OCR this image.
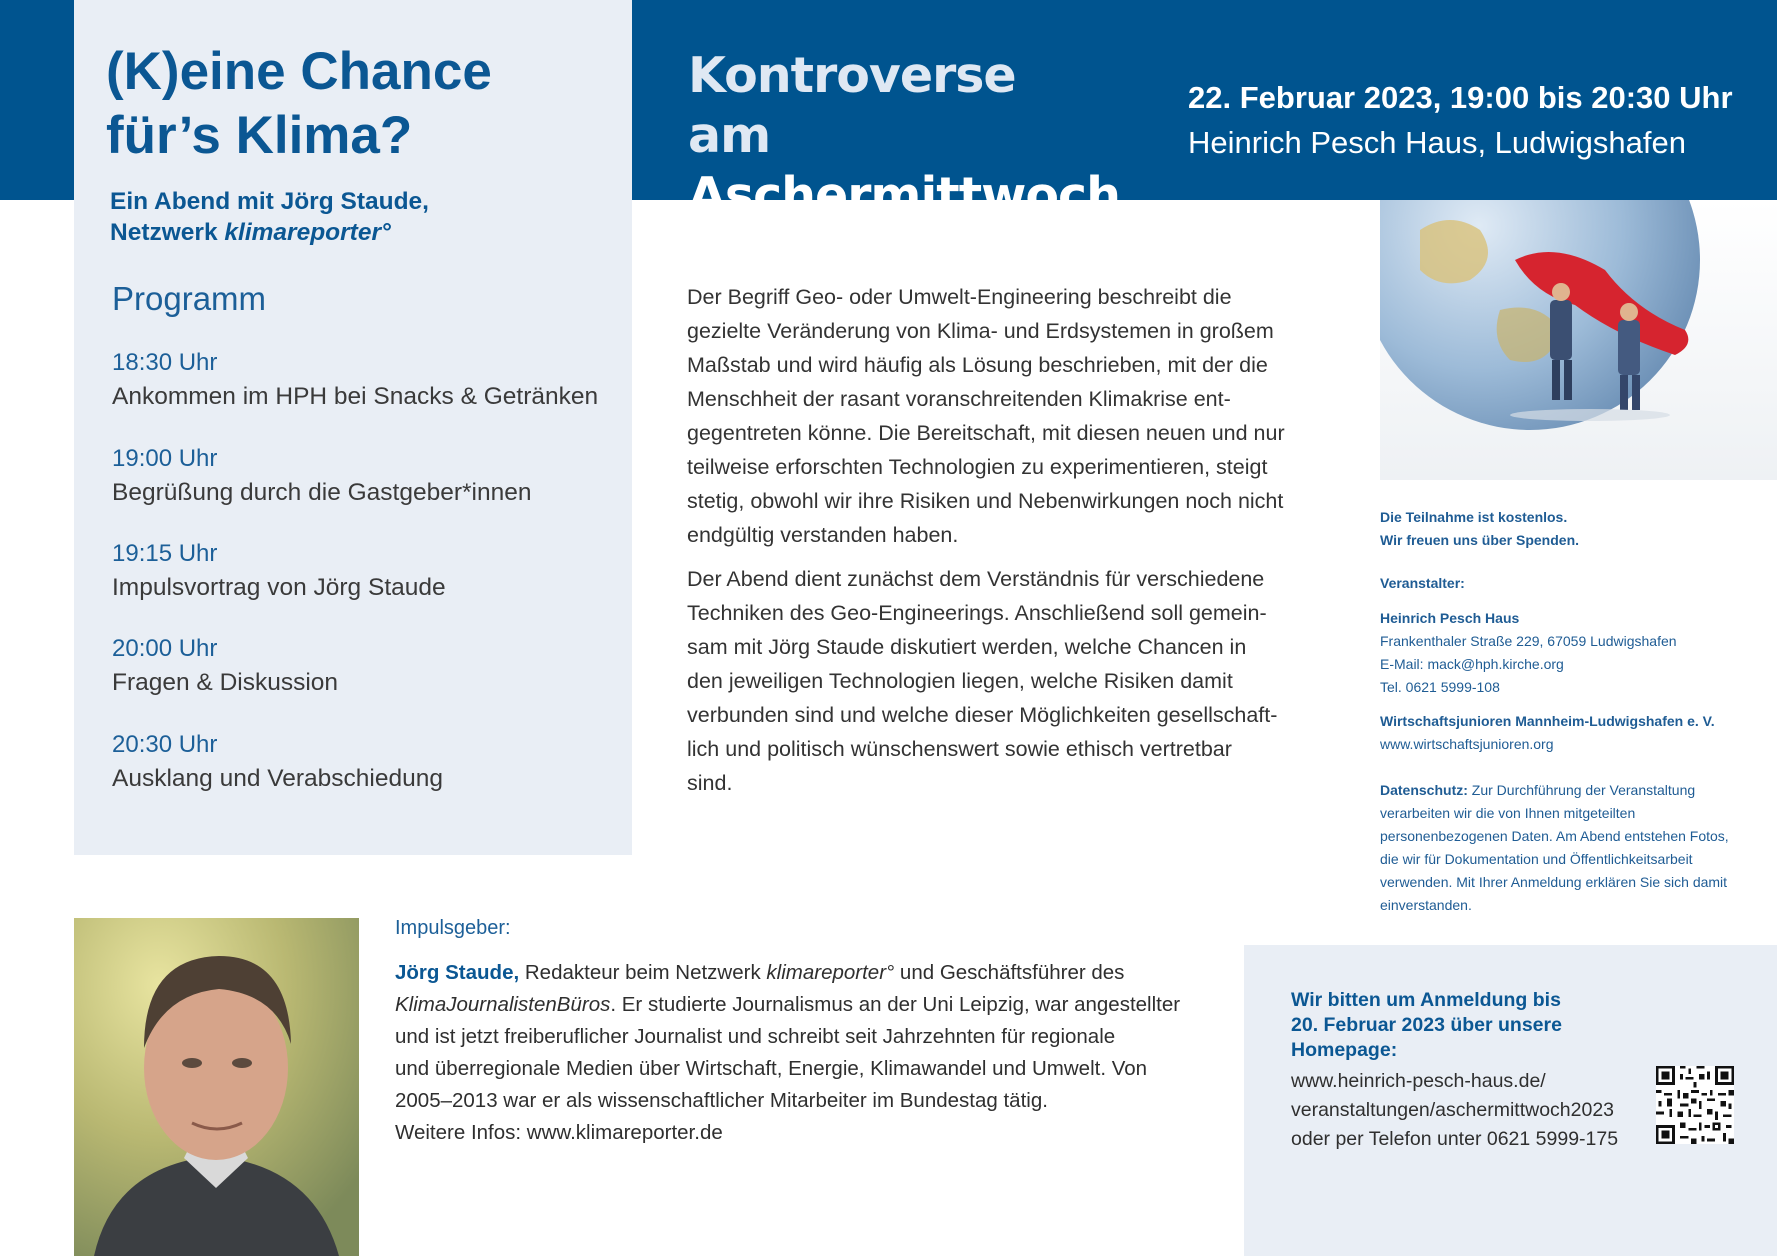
(K)eine Chance
für’s Klima?
Ein Abend mit Jörg Staude,
Netzwerk klimareporter°
Programm
18:30 Uhr
Ankommen im HPH bei Snacks & Getränken
19:00 Uhr
Begrüßung durch die Gastgeber*innen
19:15 Uhr
Impulsvortrag von Jörg Staude
20:00 Uhr
Fragen & Diskussion
20:30 Uhr
Ausklang und Verabschiedung
Kontroverse am
Aschermittwoch
22. Februar 2023, 19:00 bis 20:30 Uhr
Heinrich Pesch Haus, Ludwigshafen
Der Begriff Geo- oder Umwelt-Engineering beschreibt die
gezielte Veränderung von Klima- und Erdsystemen in großem
Maßstab und wird häufig als Lösung beschrieben, mit der die
Menschheit der rasant voranschreitenden Klimakrise ent-
gegentreten könne. Die Bereitschaft, mit diesen neuen und nur
teilweise erforschten Technologien zu experimentieren, steigt
stetig, obwohl wir ihre Risiken und Nebenwirkungen noch nicht
endgültig verstanden haben.
Der Abend dient zunächst dem Verständnis für verschiedene
Techniken des Geo-Engineerings. Anschließend soll gemein-
sam mit Jörg Staude diskutiert werden, welche Chancen in
den jeweiligen Technologien liegen, welche Risiken damit
verbunden sind und welche dieser Möglichkeiten gesellschaft-
lich und politisch wünschenswert sowie ethisch vertretbar
sind.
Die Teilnahme ist kostenlos.
Wir freuen uns über Spenden.
Veranstalter:
Heinrich Pesch Haus
Frankenthaler Straße 229, 67059 Ludwigshafen
E-Mail: mack@hph.kirche.org
Tel. 0621 5999-108
Wirtschaftsjunioren Mannheim-Ludwigshafen e. V.
www.wirtschaftsjunioren.org
Datenschutz: Zur Durchführung der Veranstaltung
verarbeiten wir die von Ihnen mitgeteilten
personenbezogenen Daten. Am Abend entstehen Fotos,
die wir für Dokumentation und Öffentlichkeitsarbeit
verwenden. Mit Ihrer Anmeldung erklären Sie sich damit
einverstanden.
Impulsgeber:
Jörg Staude, Redakteur beim Netzwerk klimareporter° und Geschäftsführer des
KlimaJournalistenBüros. Er studierte Journalismus an der Uni Leipzig, war angestellter
und ist jetzt freiberuflicher Journalist und schreibt seit Jahrzehnten für regionale
und überregionale Medien über Wirtschaft, Energie, Klimawandel und Umwelt. Von
2005–2013 war er als wissenschaftlicher Mitarbeiter im Bundestag tätig.
Weitere Infos: www.klimareporter.de
Wir bitten um Anmeldung bis
20. Februar 2023 über unsere
Homepage:
www.heinrich-pesch-haus.de/
veranstaltungen/aschermittwoch2023
oder per Telefon unter 0621 5999-175
